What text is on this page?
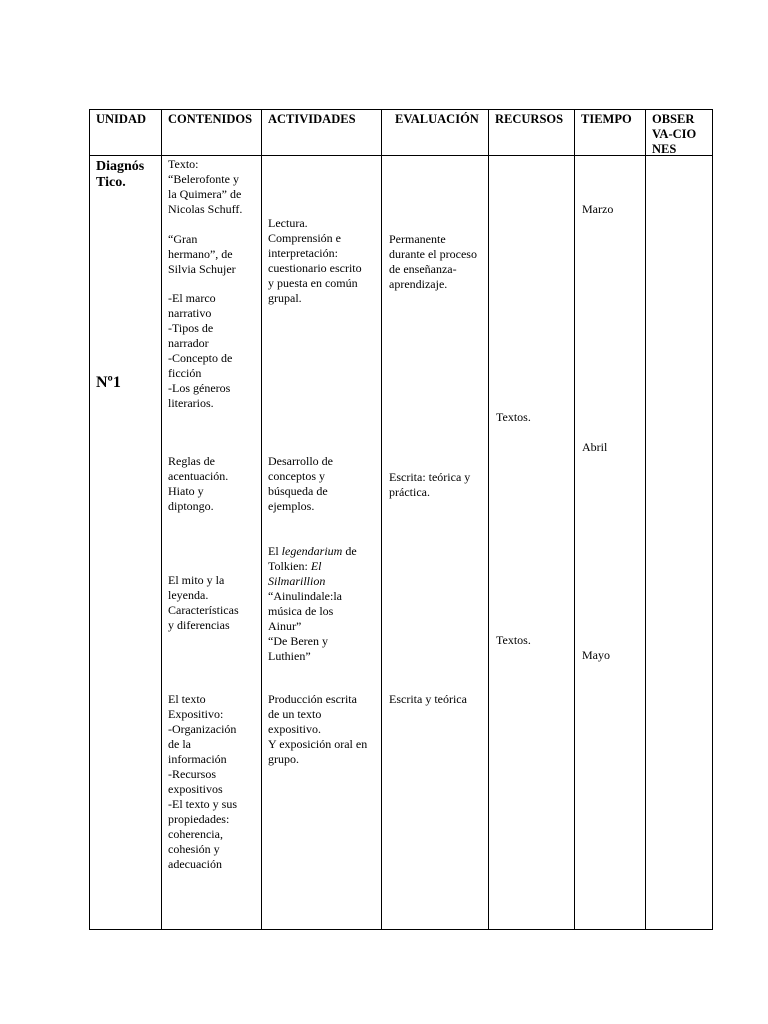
UNIDAD CONTENIDOS ACTIVIDADES	EVALUACIÓN RECURSOS TIEMPO OBSER
VA-CIO
NES
Diagnós
Tico.
Nº1
Texto:
“Belerofonte y
la Quimera” de
Nicolas Schuff.
“Gran
hermano”, de
Silvia Schujer
-El marco
narrativo
-Tipos de
narrador
-Concepto de
ficción
-Los géneros
literarios.
Reglas de
acentuación.
Hiato y
diptongo.
El mito y la
leyenda.
Características
y diferencias
El texto
Expositivo:
-Organización
de la
información
-Recursos
expositivos
-El texto y sus
propiedades:
coherencia,
cohesión y
adecuación
Lectura.
Comprensión e
interpretación:
cuestionario escrito
y puesta en común
grupal.
Desarrollo de
conceptos y
búsqueda de
ejemplos.
El legendarium de
Tolkien: El
Silmarillion
“Ainulindale:la
música de los
Ainur”
“De Beren y
Luthien”
Producción escrita
de un texto
expositivo.
Y exposición oral en
grupo.
Permanente
durante el proceso
de enseñanza-
aprendizaje.
Escrita: teórica y
práctica.
Escrita y teórica
Textos.
Textos.
Marzo
Abril
Mayo
